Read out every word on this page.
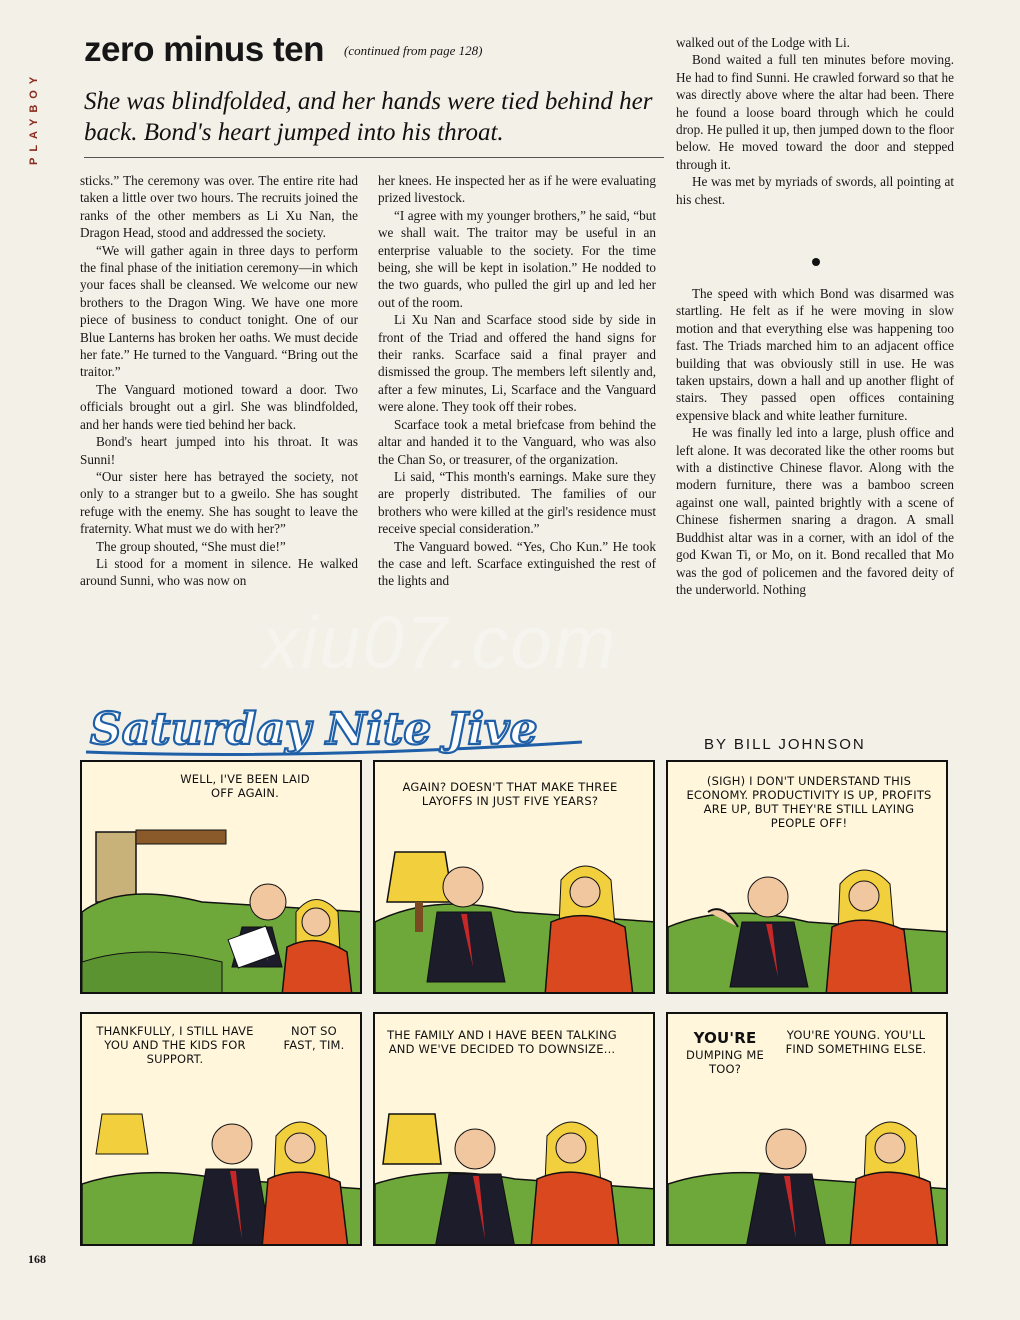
PLAYBOY
zero minus ten (continued from page 128)
She was blindfolded, and her hands were tied behind her back. Bond's heart jumped into his throat.

sticks.” The ceremony was over. The entire rite had taken a little over two hours. The recruits joined the ranks of the other members as Li Xu Nan, the Dragon Head, stood and addressed the society.

“We will gather again in three days to perform the final phase of the initiation ceremony—in which your faces shall be cleansed. We welcome our new brothers to the Dragon Wing. We have one more piece of business to conduct tonight. One of our Blue Lanterns has broken her oaths. We must decide her fate.” He turned to the Vanguard. “Bring out the traitor.”

The Vanguard motioned toward a door. Two officials brought out a girl. She was blindfolded, and her hands were tied behind her back.

Bond's heart jumped into his throat. It was Sunni!

“Our sister here has betrayed the society, not only to a stranger but to a gweilo. She has sought refuge with the enemy. She has sought to leave the fraternity. What must we do with her?”

The group shouted, “She must die!”

Li stood for a moment in silence. He walked around Sunni, who was now on

her knees. He inspected her as if he were evaluating prized livestock.

“I agree with my younger brothers,” he said, “but we shall wait. The traitor may be useful in an enterprise valuable to the society. For the time being, she will be kept in isolation.” He nodded to the two guards, who pulled the girl up and led her out of the room.

Li Xu Nan and Scarface stood side by side in front of the Triad and offered the hand signs for their ranks. Scarface said a final prayer and dismissed the group. The members left silently and, after a few minutes, Li, Scarface and the Vanguard were alone. They took off their robes.

Scarface took a metal briefcase from behind the altar and handed it to the Vanguard, who was also the Chan So, or treasurer, of the organization.

Li said, “This month's earnings. Make sure they are properly distributed. The families of our brothers who were killed at the girl's residence must receive special consideration.”

The Vanguard bowed. “Yes, Cho Kun.” He took the case and left. Scarface extinguished the rest of the lights and

walked out of the Lodge with Li.

Bond waited a full ten minutes before moving. He had to find Sunni. He crawled forward so that he was directly above where the altar had been. There he found a loose board through which he could drop. He pulled it up, then jumped down to the floor below. He moved toward the door and stepped through it.

He was met by myriads of swords, all pointing at his chest.

The speed with which Bond was disarmed was startling. He felt as if he were moving in slow motion and that everything else was happening too fast. The Triads marched him to an adjacent office building that was obviously still in use. He was taken upstairs, down a hall and up another flight of stairs. They passed open offices containing expensive black and white leather furniture.

He was finally led into a large, plush office and left alone. It was decorated like the other rooms but with a distinctive Chinese flavor. Along with the modern furniture, there was a bamboo screen against one wall, painted brightly with a scene of Chinese fishermen snaring a dragon. A small Buddhist altar was in a corner, with an idol of the god Kwan Ti, or Mo, on it. Bond recalled that Mo was the god of policemen and the favored deity of the underworld. Nothing

xiu07.com
Saturday Nite Jive	BY BILL JOHNSON
WELL, I'VE BEEN LAID OFF AGAIN.	AGAIN? DOESN'T THAT MAKE THREE LAYOFFS IN JUST FIVE YEARS?
(SIGH) I DON'T UNDERSTAND THIS ECONOMY. PRODUCTIVITY IS UP, PROFITS ARE UP, BUT THEY'RE STILL LAYING PEOPLE OFF!
THANKFULLY, I STILL HAVE YOU AND THE KIDS FOR SUPPORT.
NOT SO FAST, TIM.
THE FAMILY AND I HAVE BEEN TALKING AND WE'VE DECIDED TO DOWNSIZE...
YOU'RE
DUMPING ME TOO?
YOU'RE YOUNG. YOU'LL FIND SOMETHING ELSE.
168
